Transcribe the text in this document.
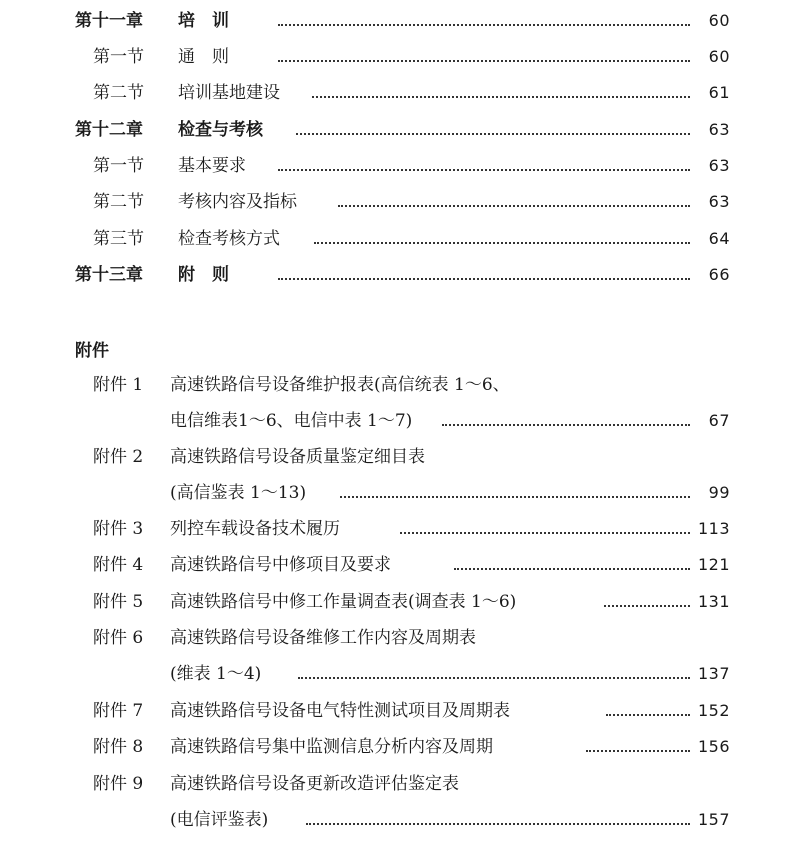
第十一章 培　训	60
第一节 通　则	60
第二节 培训基地建设	61
第十二章 检查与考核	63
第一节 基本要求	63
第二节 考核内容及指标	63
第三节 检查考核方式	64
第十三章 附　则	66
附件
附件 1 高速铁路信号设备维护报表(高信统表 1～6、
电信维表1～6、电信中表 1～7)	67
附件 2 高速铁路信号设备质量鉴定细目表
(高信鉴表 1～13)	99
附件 3 列控车载设备技术履历	113
附件 4 高速铁路信号中修项目及要求	121
附件 5 高速铁路信号中修工作量调查表(调查表 1～6)	131
附件 6 高速铁路信号设备维修工作内容及周期表
(维表 1～4)	137
附件 7 高速铁路信号设备电气特性测试项目及周期表	152
附件 8 高速铁路信号集中监测信息分析内容及周期	156
附件 9 高速铁路信号设备更新改造评估鉴定表
(电信评鉴表)	157
